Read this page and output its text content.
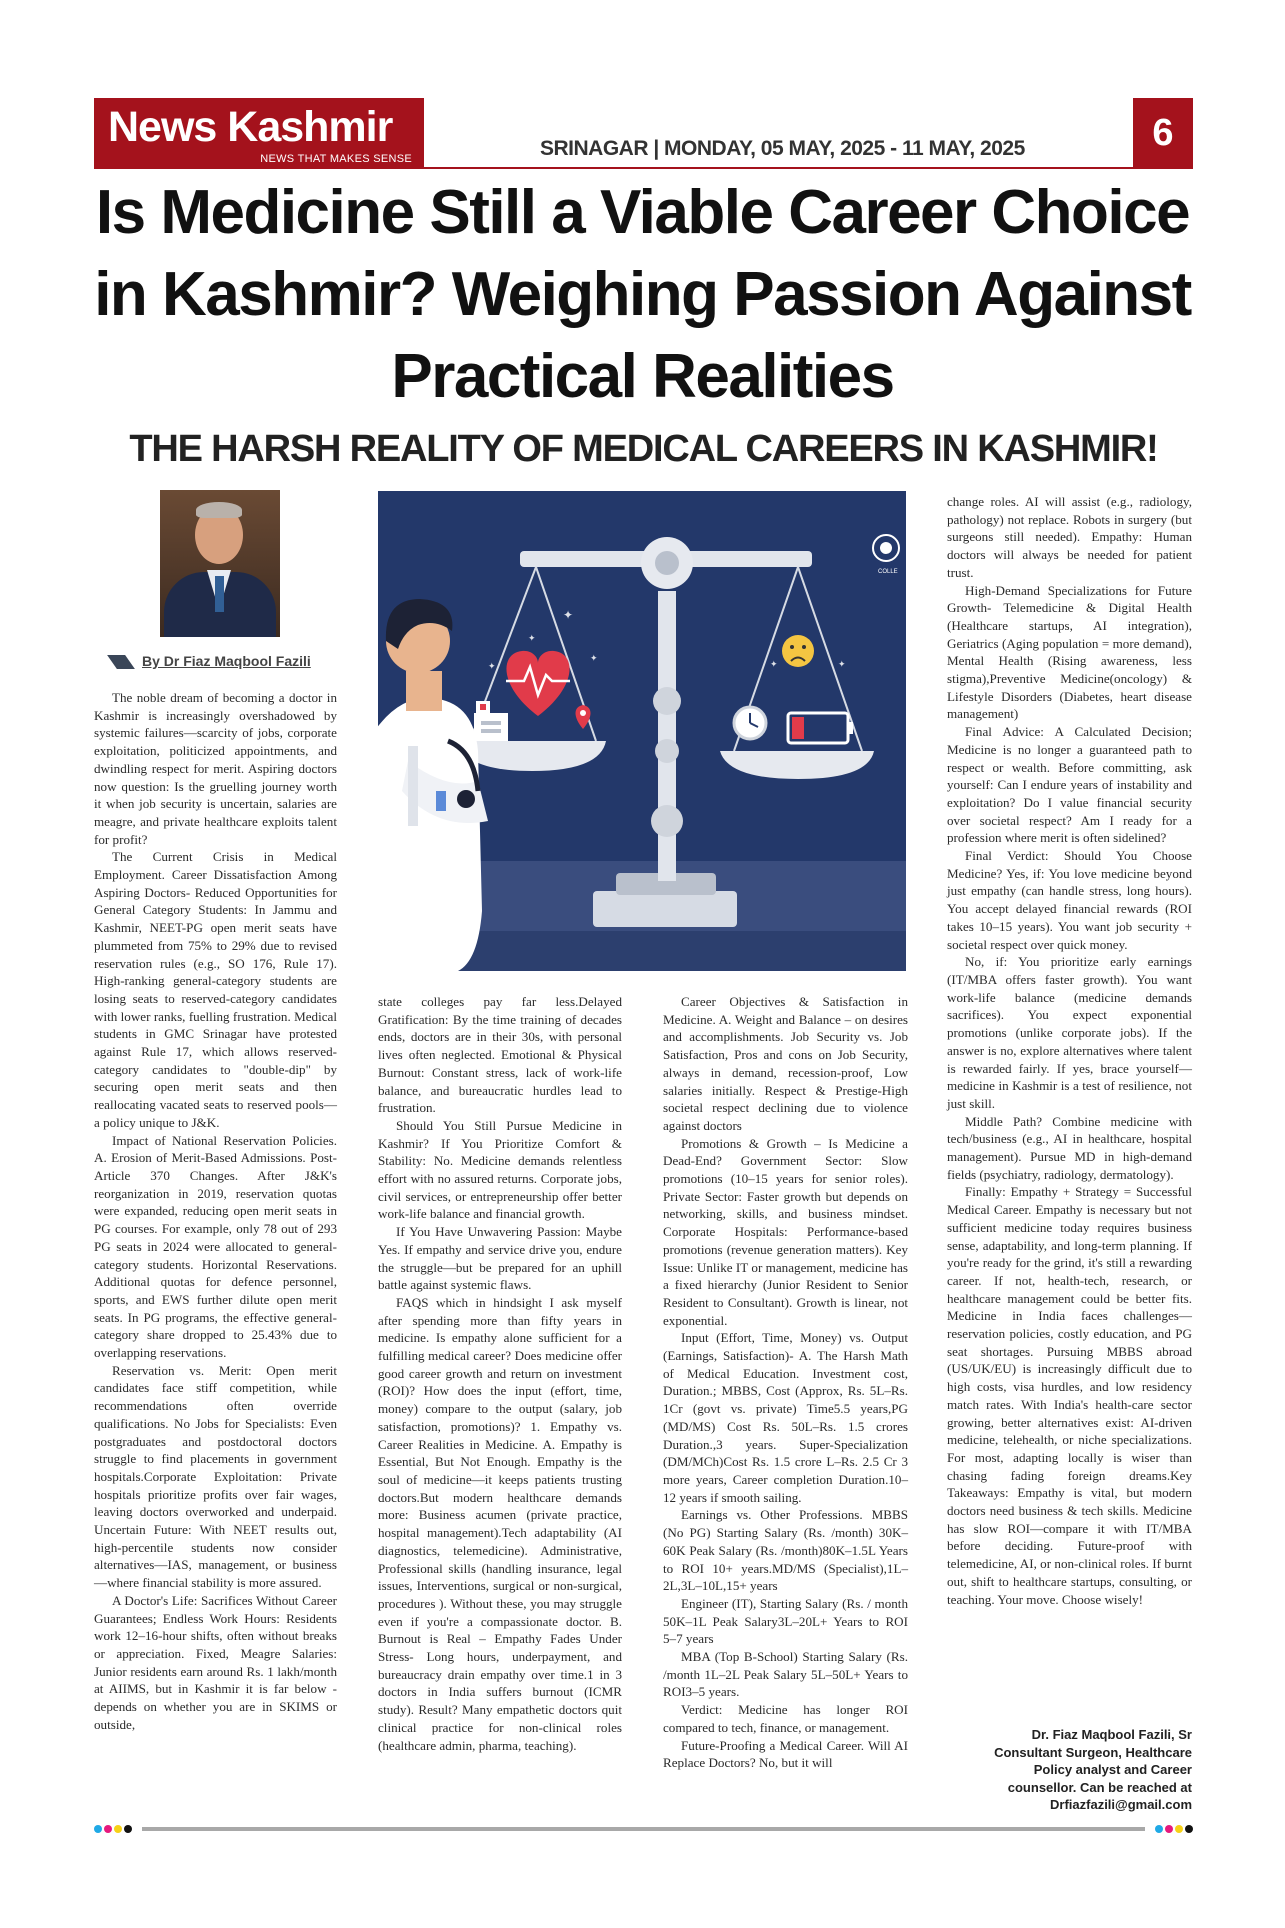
News Kashmir
NEWS THAT MAKES SENSE	SRINAGAR | MONDAY, 05 MAY, 2025 - 11 MAY, 2025	6
Is Medicine Still a Viable Career Choice in Kashmir? Weighing Passion Against Practical Realities
THE HARSH REALITY OF MEDICAL CAREERS IN KASHMIR!
By Dr Fiaz Maqbool Fazili

The noble dream of becoming a doctor in Kashmir is increasingly overshadowed by systemic failures—scarcity of jobs, corporate exploitation, politicized appointments, and dwindling respect for merit. Aspiring doctors now question: Is the gruelling journey worth it when job security is uncertain, salaries are meagre, and private healthcare exploits talent for profit?

The Current Crisis in Medical Employment. Career Dissatisfaction Among Aspiring Doctors- Reduced Opportunities for General Category Students: In Jammu and Kashmir, NEET-PG open merit seats have plummeted from 75% to 29% due to revised reservation rules (e.g., SO 176, Rule 17). High-ranking general-category students are losing seats to reserved-category candidates with lower ranks, fuelling frustration. Medical students in GMC Srinagar have protested against Rule 17, which allows reserved-category candidates to "double-dip" by securing open merit seats and then reallocating vacated seats to reserved pools—a policy unique to J&K.

Impact of National Reservation Policies. A. Erosion of Merit-Based Admissions. Post-Article 370 Changes. After J&K's reorganization in 2019, reservation quotas were expanded, reducing open merit seats in PG courses. For example, only 78 out of 293 PG seats in 2024 were allocated to general-category students. Horizontal Reservations. Additional quotas for defence personnel, sports, and EWS further dilute open merit seats. In PG programs, the effective general-category share dropped to 25.43% due to overlapping reservations.

Reservation vs. Merit: Open merit candidates face stiff competition, while recommendations often override qualifications. No Jobs for Specialists: Even postgraduates and postdoctoral doctors struggle to find placements in government hospitals.Corporate Exploitation: Private hospitals prioritize profits over fair wages, leaving doctors overworked and underpaid. Uncertain Future: With NEET results out, high-percentile students now consider alternatives—IAS, management, or business—where financial stability is more assured.

A Doctor's Life: Sacrifices Without Career Guarantees; Endless Work Hours: Residents work 12–16-hour shifts, often without breaks or appreciation. Fixed, Meagre Salaries: Junior residents earn around Rs. 1 lakh/month at AIIMS, but in Kashmir it is far below -depends on whether you are in SKIMS or outside,

COLLE
✦
✦
✦
✦
✦	✦

state colleges pay far less.Delayed Gratification: By the time training of decades ends, doctors are in their 30s, with personal lives often neglected. Emotional & Physical Burnout: Constant stress, lack of work-life balance, and bureaucratic hurdles lead to frustration.

Should You Still Pursue Medicine in Kashmir? If You Prioritize Comfort & Stability: No. Medicine demands relentless effort with no assured returns. Corporate jobs, civil services, or entrepreneurship offer better work-life balance and financial growth.

If You Have Unwavering Passion: Maybe Yes. If empathy and service drive you, endure the struggle—but be prepared for an uphill battle against systemic flaws.

FAQS which in hindsight I ask myself after spending more than fifty years in medicine. Is empathy alone sufficient for a fulfilling medical career? Does medicine offer good career growth and return on investment (ROI)? How does the input (effort, time, money) compare to the output (salary, job satisfaction, promotions)? 1. Empathy vs. Career Realities in Medicine. A. Empathy is Essential, But Not Enough. Empathy is the soul of medicine—it keeps patients trusting doctors.But modern healthcare demands more: Business acumen (private practice, hospital management).Tech adaptability (AI diagnostics, telemedicine). Administrative, Professional skills (handling insurance, legal issues, Interventions, surgical or non-surgical, procedures ). Without these, you may struggle even if you're a compassionate doctor. B. Burnout is Real – Empathy Fades Under Stress- Long hours, underpayment, and bureaucracy drain empathy over time.1 in 3 doctors in India suffers burnout (ICMR study). Result? Many empathetic doctors quit clinical practice for non-clinical roles (healthcare admin, pharma, teaching).

Career Objectives & Satisfaction in Medicine. A. Weight and Balance – on desires and accomplishments. Job Security vs. Job Satisfaction, Pros and cons on Job Security, always in demand, recession-proof, Low salaries initially. Respect & Prestige-High societal respect declining due to violence against doctors

Promotions & Growth – Is Medicine a Dead-End? Government Sector: Slow promotions (10–15 years for senior roles). Private Sector: Faster growth but depends on networking, skills, and business mindset. Corporate Hospitals: Performance-based promotions (revenue generation matters). Key Issue: Unlike IT or management, medicine has a fixed hierarchy (Junior Resident to Senior Resident to Consultant). Growth is linear, not exponential.

Input (Effort, Time, Money) vs. Output (Earnings, Satisfaction)- A. The Harsh Math of Medical Education. Investment cost, Duration.; MBBS, Cost (Approx, Rs. 5L–Rs. 1Cr (govt vs. private) Time5.5 years,PG (MD/MS) Cost Rs. 50L–Rs. 1.5 crores Duration.,3 years. Super-Specialization (DM/MCh)Cost Rs. 1.5 crore L–Rs. 2.5 Cr 3 more years, Career completion Duration.10–12 years if smooth sailing.

Earnings vs. Other Professions. MBBS (No PG) Starting Salary (Rs. /month) 30K–60K Peak Salary (Rs. /month)80K–1.5L Years to ROI 10+ years.MD/MS (Specialist),1L–2L,3L–10L,15+ years

Engineer (IT), Starting Salary (Rs. / month 50K–1L Peak Salary3L–20L+ Years to ROI 5–7 years

MBA (Top B-School) Starting Salary (Rs. /month 1L–2L Peak Salary 5L–50L+ Years to ROI3–5 years.

Verdict: Medicine has longer ROI compared to tech, finance, or management.

Future-Proofing a Medical Career. Will AI Replace Doctors? No, but it will

change roles. AI will assist (e.g., radiology, pathology) not replace. Robots in surgery (but surgeons still needed). Empathy: Human doctors will always be needed for patient trust.

High-Demand Specializations for Future Growth- Telemedicine & Digital Health (Healthcare startups, AI integration), Geriatrics (Aging population = more demand), Mental Health (Rising awareness, less stigma),Preventive Medicine(oncology) & Lifestyle Disorders (Diabetes, heart disease management)

Final Advice: A Calculated Decision; Medicine is no longer a guaranteed path to respect or wealth. Before committing, ask yourself: Can I endure years of instability and exploitation? Do I value financial security over societal respect? Am I ready for a profession where merit is often sidelined?

Final Verdict: Should You Choose Medicine? Yes, if: You love medicine beyond just empathy (can handle stress, long hours). You accept delayed financial rewards (ROI takes 10–15 years). You want job security + societal respect over quick money.

No, if: You prioritize early earnings (IT/MBA offers faster growth). You want work-life balance (medicine demands sacrifices). You expect exponential promotions (unlike corporate jobs). If the answer is no, explore alternatives where talent is rewarded fairly. If yes, brace yourself—medicine in Kashmir is a test of resilience, not just skill.

Middle Path? Combine medicine with tech/business (e.g., AI in healthcare, hospital management). Pursue MD in high-demand fields (psychiatry, radiology, dermatology).

Finally: Empathy + Strategy = Successful Medical Career. Empathy is necessary but not sufficient medicine today requires business sense, adaptability, and long-term planning. If you're ready for the grind, it's still a rewarding career. If not, health-tech, research, or healthcare management could be better fits. Medicine in India faces challenges—reservation policies, costly education, and PG seat shortages. Pursuing MBBS abroad (US/UK/EU) is increasingly difficult due to high costs, visa hurdles, and low residency match rates. With India's health-care sector growing, better alternatives exist: AI-driven medicine, telehealth, or niche specializations. For most, adapting locally is wiser than chasing fading foreign dreams.Key Takeaways: Empathy is vital, but modern doctors need business & tech skills. Medicine has slow ROI—compare it with IT/MBA before deciding. Future-proof with telemedicine, AI, or non-clinical roles. If burnt out, shift to healthcare startups, consulting, or teaching. Your move. Choose wisely!

Dr. Fiaz Maqbool Fazili, Sr
Consultant Surgeon, Healthcare
Policy analyst and Career
counsellor. Can be reached at
Drfiazfazili@gmail.com
